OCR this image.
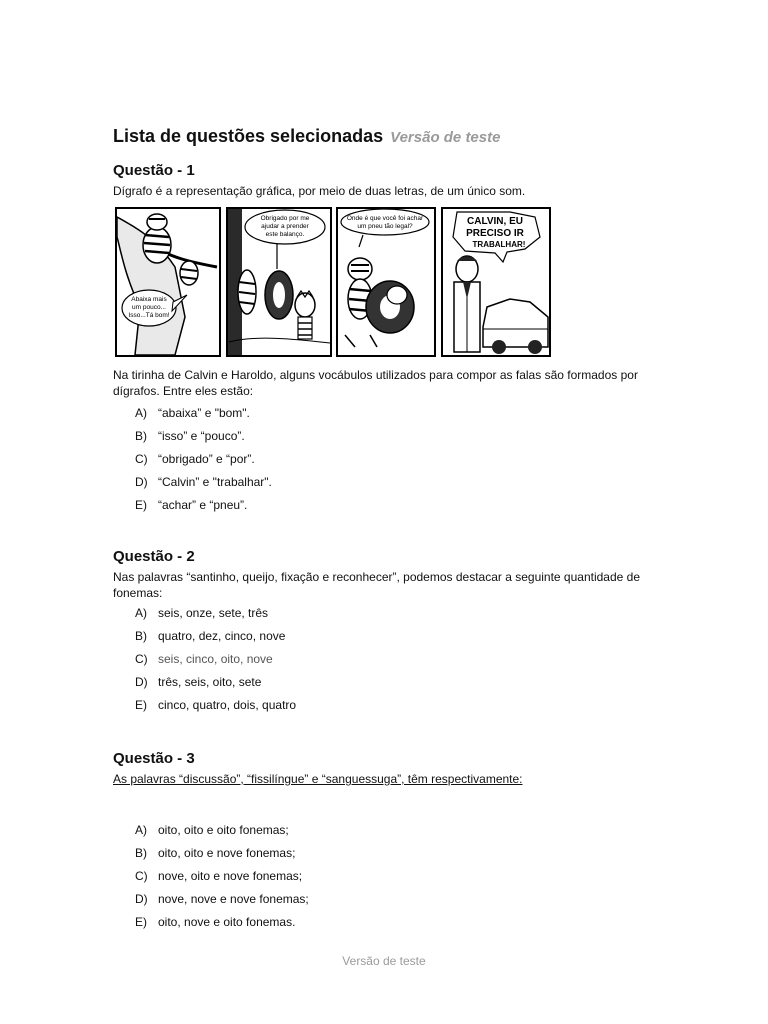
Lista de questões selecionadas Versão de teste
Questão - 1
Dígrafo é a representação gráfica, por meio de duas letras, de um único som.
Abaixa mais
um pouco...
Isso...Tá bom!
Obrigado por me
ajudar a prender
este balanço.
Onde é que você foi achar
um pneu tão legal?	CALVIN, EU
PRECISO IR
TRABALHAR!
Na tirinha de Calvin e Haroldo, alguns vocábulos utilizados para compor as falas são formados por dígrafos. Entre eles estão:
A) “abaixa” e "bom".
B) “isso” e “pouco”.
C) “obrigado” e “por”.
D) “Calvin” e "trabalhar".
E) “achar” e “pneu”.
Questão - 2
Nas palavras “santinho, queijo, fixação e reconhecer”, podemos destacar a seguinte quantidade de fonemas:
A) seis, onze, sete, três
B) quatro, dez, cinco, nove
C) seis, cinco, oito, nove
D) três, seis, oito, sete
E) cinco, quatro, dois, quatro
Questão - 3
As palavras “discussão”, “fissilíngue” e “sanguessuga”, têm respectivamente:
A) oito, oito e oito fonemas;
B) oito, oito e nove fonemas;
C) nove, oito e nove fonemas;
D) nove, nove e nove fonemas;
E) oito, nove e oito fonemas.
Versão de teste
